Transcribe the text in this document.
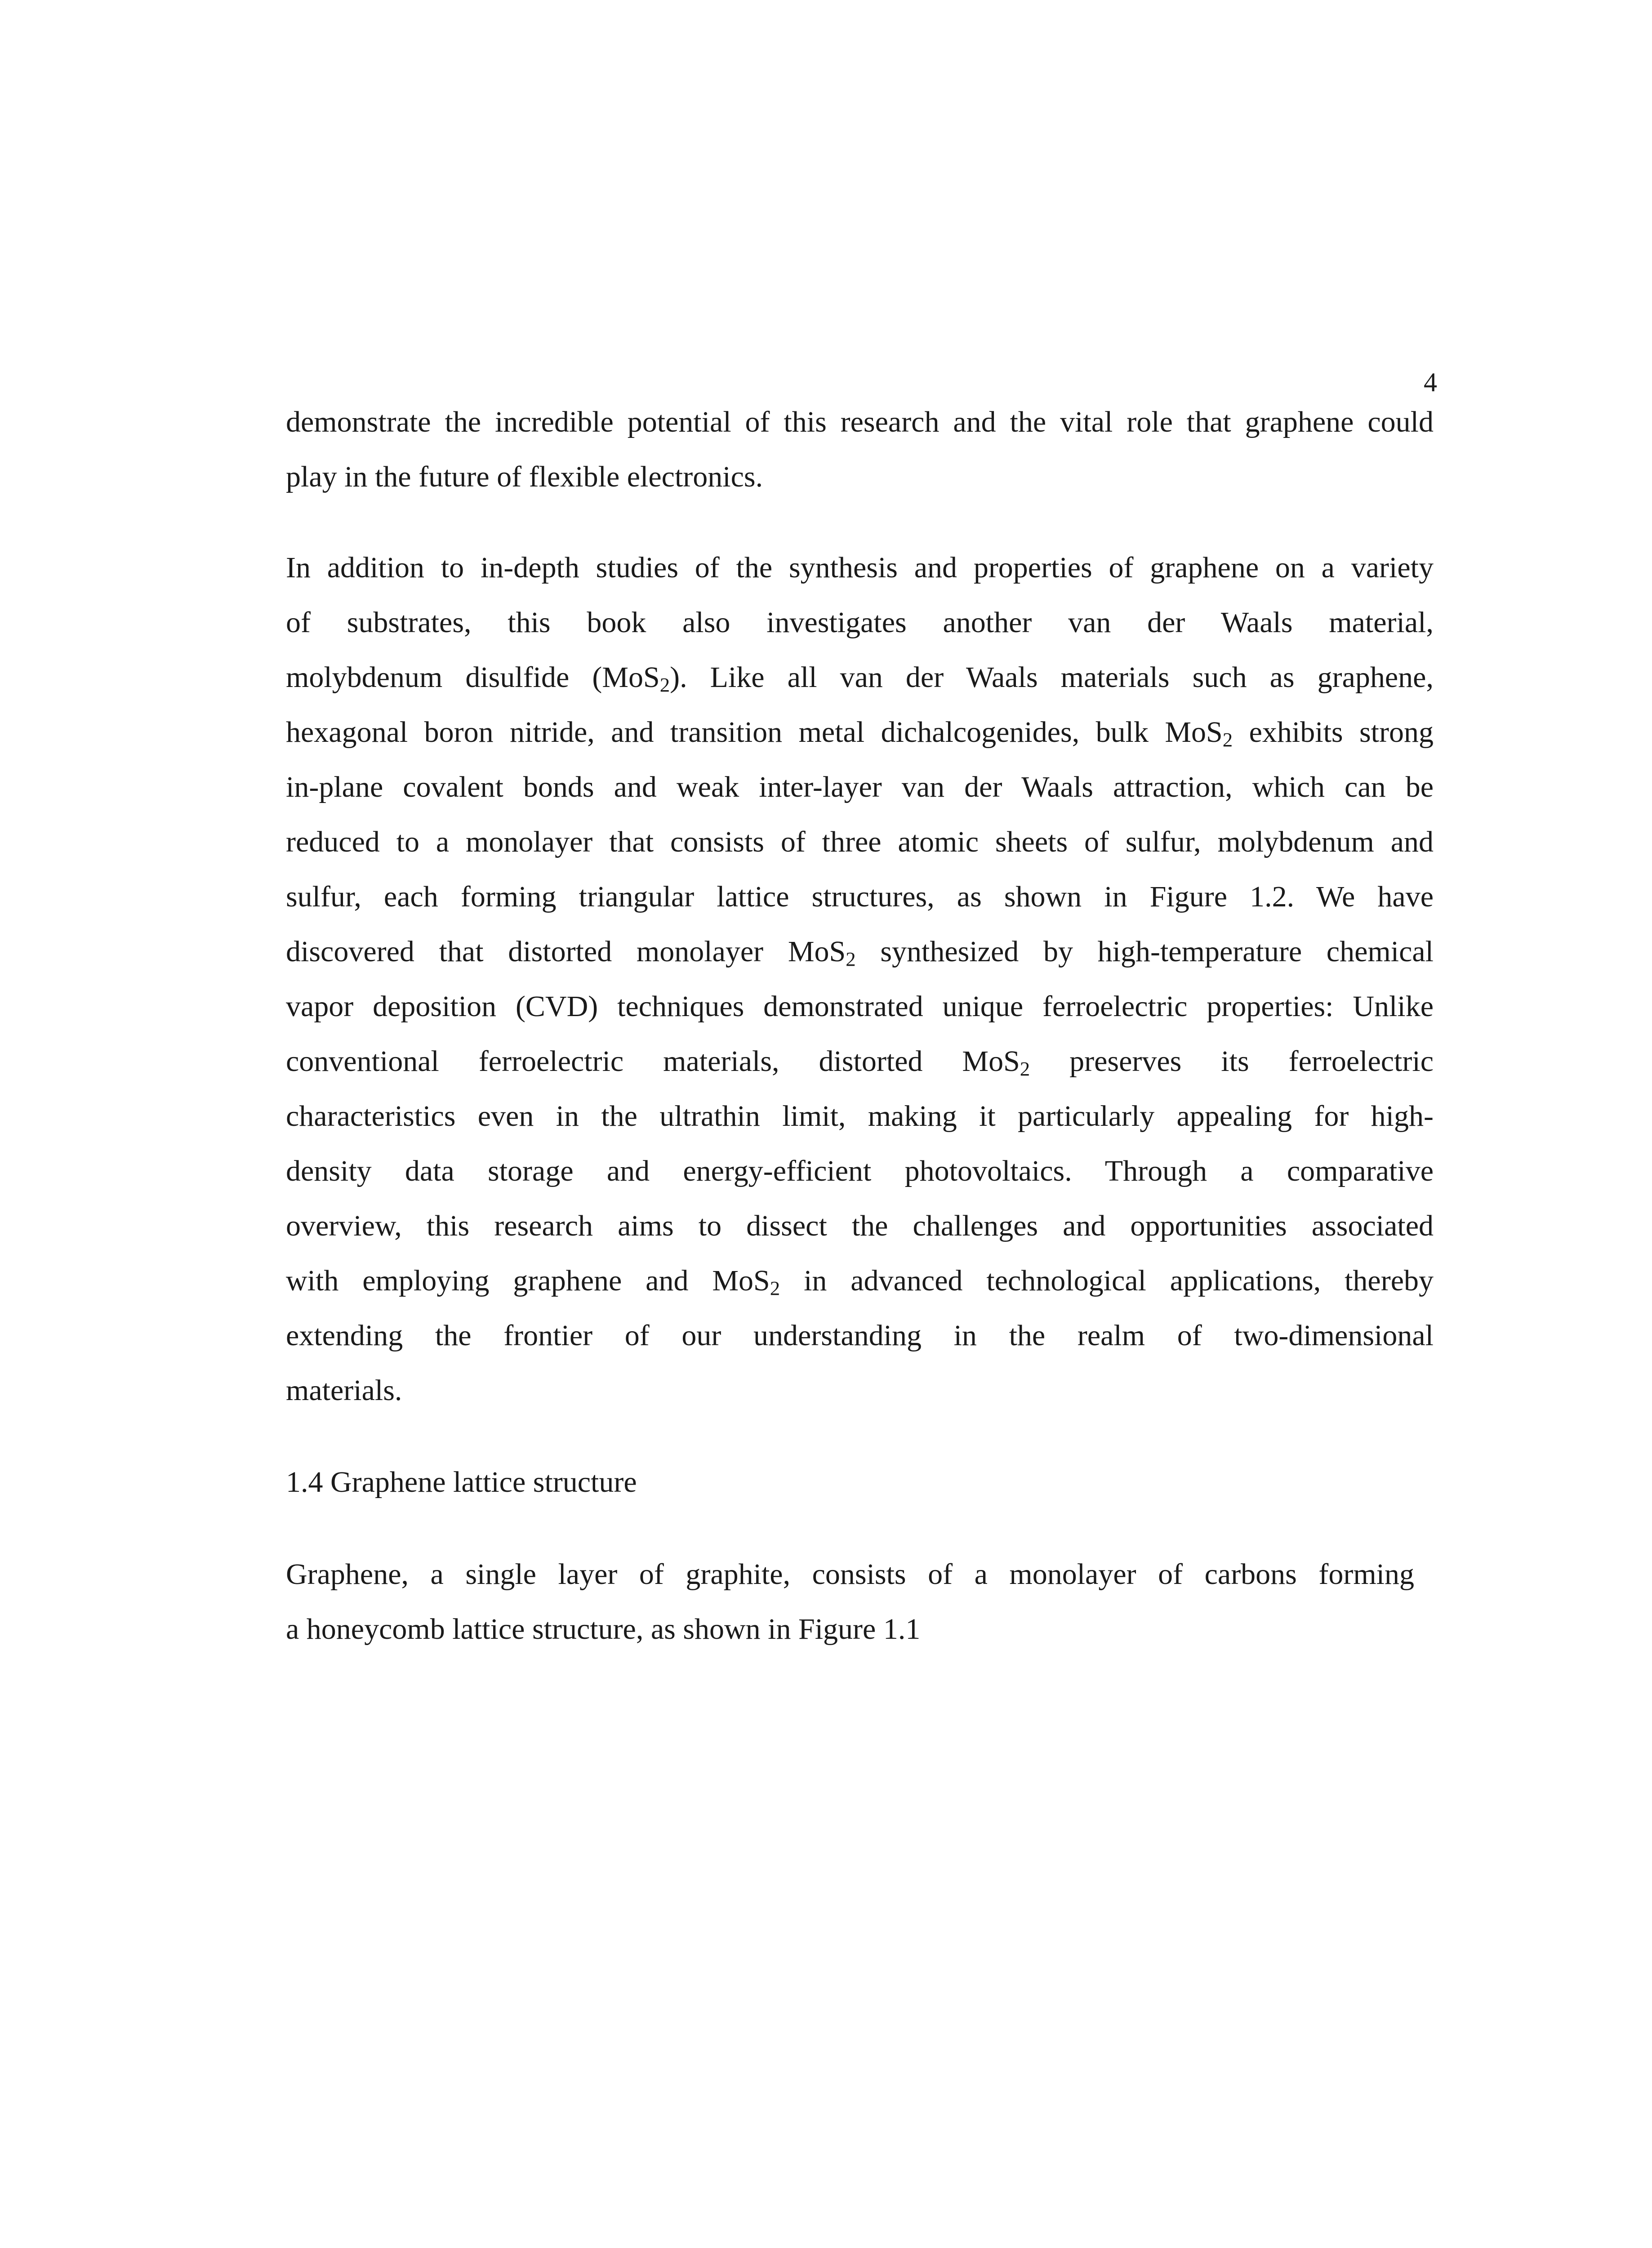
4
demonstrate the incredible potential of this research and the vital role that graphene could
play in the future of flexible electronics.
In addition to in-depth studies of the synthesis and properties of graphene on a variety
of substrates, this book also investigates another van der Waals material,
molybdenum disulfide (MoS$_2$). Like all van der Waals materials such as graphene,
hexagonal boron nitride, and transition metal dichalcogenides, bulk MoS$_2$ exhibits strong
in-plane covalent bonds and weak inter-layer van der Waals attraction, which can be
reduced to a monolayer that consists of three atomic sheets of sulfur, molybdenum and
sulfur, each forming triangular lattice structures, as shown in Figure 1.2. We have
discovered that distorted monolayer MoS$_2$ synthesized by high-temperature chemical
vapor deposition (CVD) techniques demonstrated unique ferroelectric properties: Unlike
conventional ferroelectric materials, distorted MoS$_2$ preserves its ferroelectric
characteristics even in the ultrathin limit, making it particularly appealing for high-
density data storage and energy-efficient photovoltaics. Through a comparative
overview, this research aims to dissect the challenges and opportunities associated
with employing graphene and MoS$_2$ in advanced technological applications, thereby
extending the frontier of our understanding in the realm of two-dimensional
materials.
1.4 Graphene lattice structure
Graphene, a single layer of graphite, consists of a monolayer of carbons forming
a honeycomb lattice structure, as shown in Figure 1.1
